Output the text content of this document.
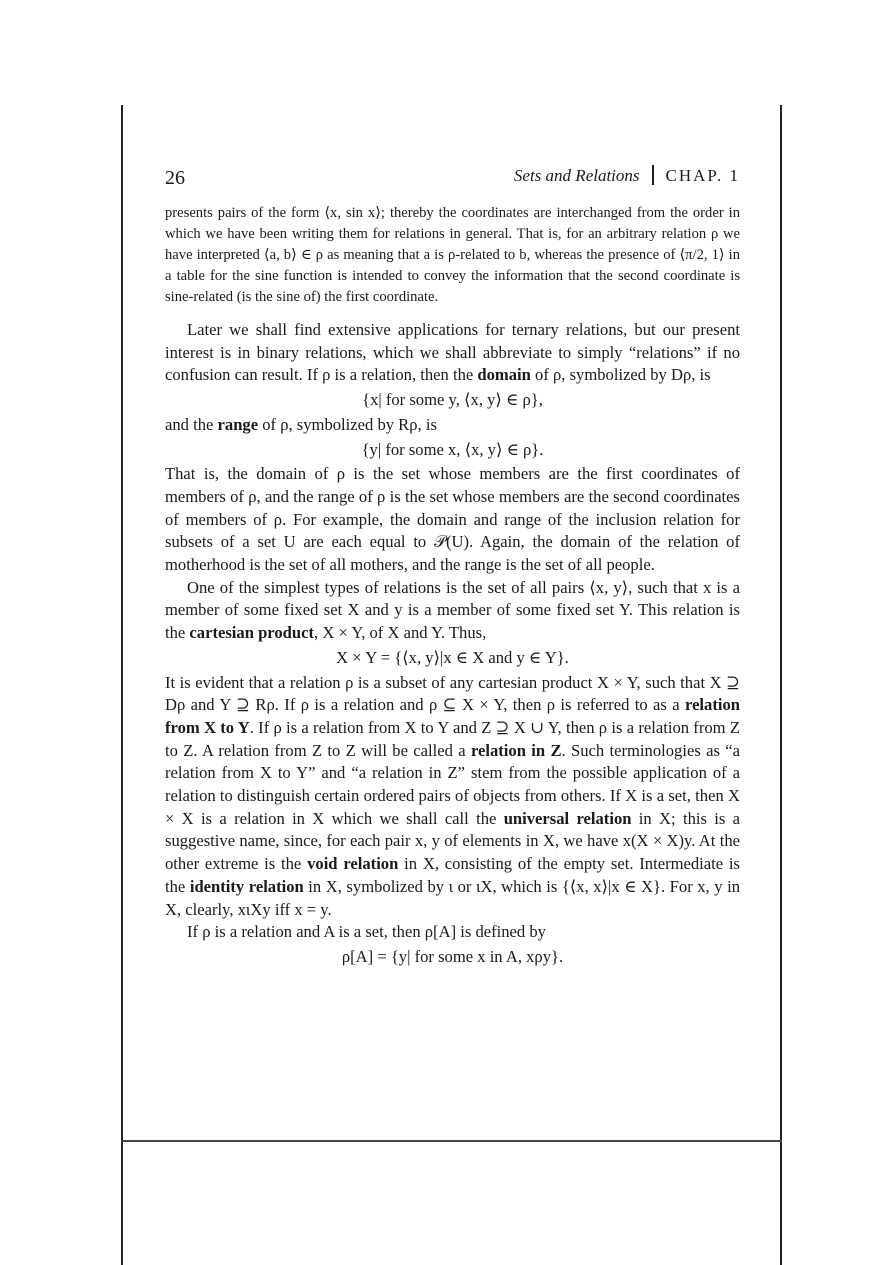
26	Sets and Relations CHAP. 1

presents pairs of the form ⟨x, sin x⟩; thereby the coordinates are interchanged from the order in which we have been writing them for relations in general. That is, for an arbitrary relation ρ we have interpreted ⟨a, b⟩ ∈ ρ as meaning that a is ρ-related to b, whereas the presence of ⟨π/2, 1⟩ in a table for the sine function is intended to convey the information that the second coordinate is sine-related (is the sine of) the first coordinate.

Later we shall find extensive applications for ternary relations, but our present interest is in binary relations, which we shall abbreviate to simply “relations” if no confusion can result. If ρ is a relation, then the domain of ρ, symbolized by Dρ, is

{x| for some y, ⟨x, y⟩ ∈ ρ},

and the range of ρ, symbolized by Rρ, is

{y| for some x, ⟨x, y⟩ ∈ ρ}.

That is, the domain of ρ is the set whose members are the first coordinates of members of ρ, and the range of ρ is the set whose members are the second coordinates of members of ρ. For example, the domain and range of the inclusion relation for subsets of a set U are each equal to 𝒫(U). Again, the domain of the relation of motherhood is the set of all mothers, and the range is the set of all people.

One of the simplest types of relations is the set of all pairs ⟨x, y⟩, such that x is a member of some fixed set X and y is a member of some fixed set Y. This relation is the cartesian product, X × Y, of X and Y. Thus,

X × Y = {⟨x, y⟩|x ∈ X and y ∈ Y}.

It is evident that a relation ρ is a subset of any cartesian product X × Y, such that X ⊇ Dρ and Y ⊇ Rρ. If ρ is a relation and ρ ⊆ X × Y, then ρ is referred to as a relation from X to Y. If ρ is a relation from X to Y and Z ⊇ X ∪ Y, then ρ is a relation from Z to Z. A relation from Z to Z will be called a relation in Z. Such terminologies as “a relation from X to Y” and “a relation in Z” stem from the possible application of a relation to distinguish certain ordered pairs of objects from others. If X is a set, then X × X is a relation in X which we shall call the universal relation in X; this is a suggestive name, since, for each pair x, y of elements in X, we have x(X × X)y. At the other extreme is the void relation in X, consisting of the empty set. Intermediate is the identity relation in X, symbolized by ι or ιX, which is {⟨x, x⟩|x ∈ X}. For x, y in X, clearly, xιXy iff x = y.

If ρ is a relation and A is a set, then ρ[A] is defined by

ρ[A] = {y| for some x in A, xρy}.
